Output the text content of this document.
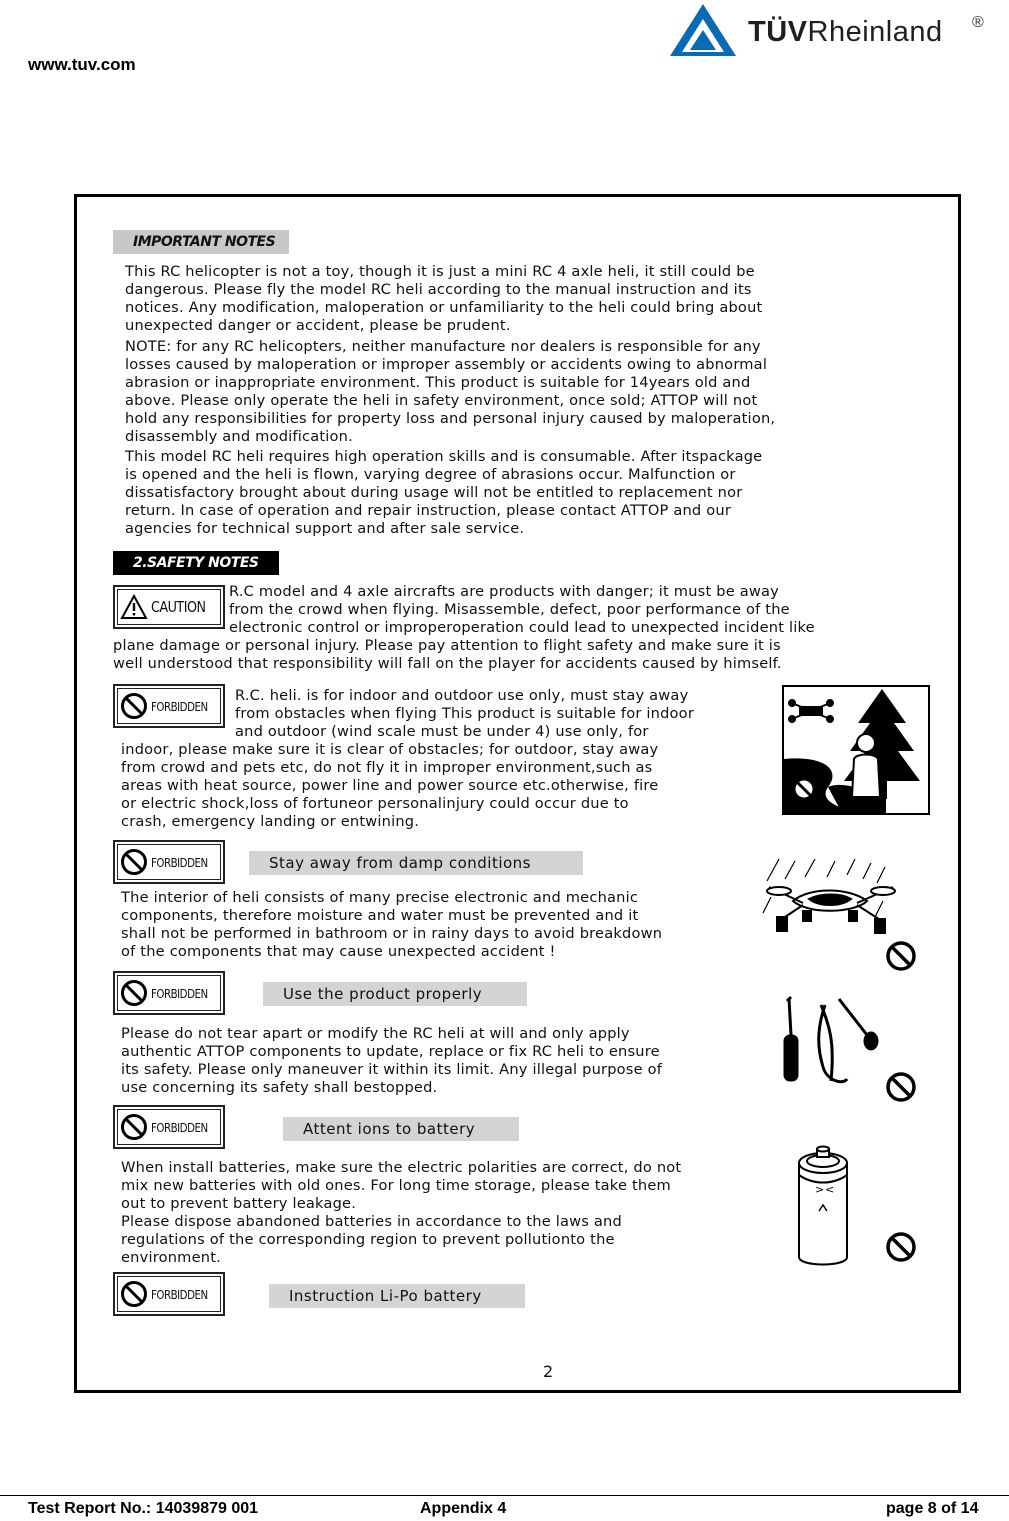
www.tuv.com
TÜVRheinland ®
IMPORTANT NOTES
This RC helicopter is not a toy, though it is just a mini RC 4 axle heli, it still could be
dangerous. Please fly the model RC heli according to the manual instruction and its
notices. Any modification, maloperation or unfamiliarity to the heli could bring about
unexpected danger or accident, please be prudent.
NOTE: for any RC helicopters, neither manufacture nor dealers is responsible for any
losses caused by maloperation or improper assembly or accidents owing to abnormal
abrasion or inappropriate environment. This product is suitable for 14years old and
above. Please only operate the heli in safety environment, once sold; ATTOP will not
hold any responsibilities for property loss and personal injury caused by maloperation,
disassembly and modification.
This model RC heli requires high operation skills and is consumable. After itspackage
is opened and the heli is flown, varying degree of abrasions occur. Malfunction or
dissatisfactory brought about during usage will not be entitled to replacement nor
return. In case of operation and repair instruction, please contact ATTOP and our
agencies for technical support and after sale service.
2.SAFETY NOTES
CAUTION
R.C model and 4 axle aircrafts are products with danger; it must be away
from the crowd when flying. Misassemble, defect, poor performance of the
electronic control or improperoperation could lead to unexpected incident like
plane damage or personal injury. Please pay attention to flight safety and make sure it is
well understood that responsibility will fall on the player for accidents caused by himself.
FORBIDDEN
R.C. heli. is for indoor and outdoor use only, must stay away
from obstacles when flying This product is suitable for indoor
and outdoor (wind scale must be under 4) use only, for
indoor, please make sure it is clear of obstacles; for outdoor, stay away
from crowd and pets etc, do not fly it in improper environment,such as
areas with heat source, power line and power source etc.otherwise, fire
or electric shock,loss of fortuneor personalinjury could occur due to
crash, emergency landing or entwining.
FORBIDDEN	Stay away from damp conditions
The interior of heli consists of many precise electronic and mechanic
components, therefore moisture and water must be prevented and it
shall not be performed in bathroom or in rainy days to avoid breakdown
of the components that may cause unexpected accident !
FORBIDDEN	Use the product properly
Please do not tear apart or modify the RC heli at will and only apply
authentic ATTOP components to update, replace or fix RC heli to ensure
its safety. Please only maneuver it within its limit. Any illegal purpose of
use concerning its safety shall bestopped.
FORBIDDEN	Attent ions to battery
When install batteries, make sure the electric polarities are correct, do not
mix new batteries with old ones. For long time storage, please take them
out to prevent battery leakage.
Please dispose abandoned batteries in accordance to the laws and
regulations of the corresponding region to prevent pollutionto the
environment.
> <
FORBIDDEN	Instruction Li-Po battery
2
Test Report No.: 14039879 001	Appendix 4	page 8 of 14
